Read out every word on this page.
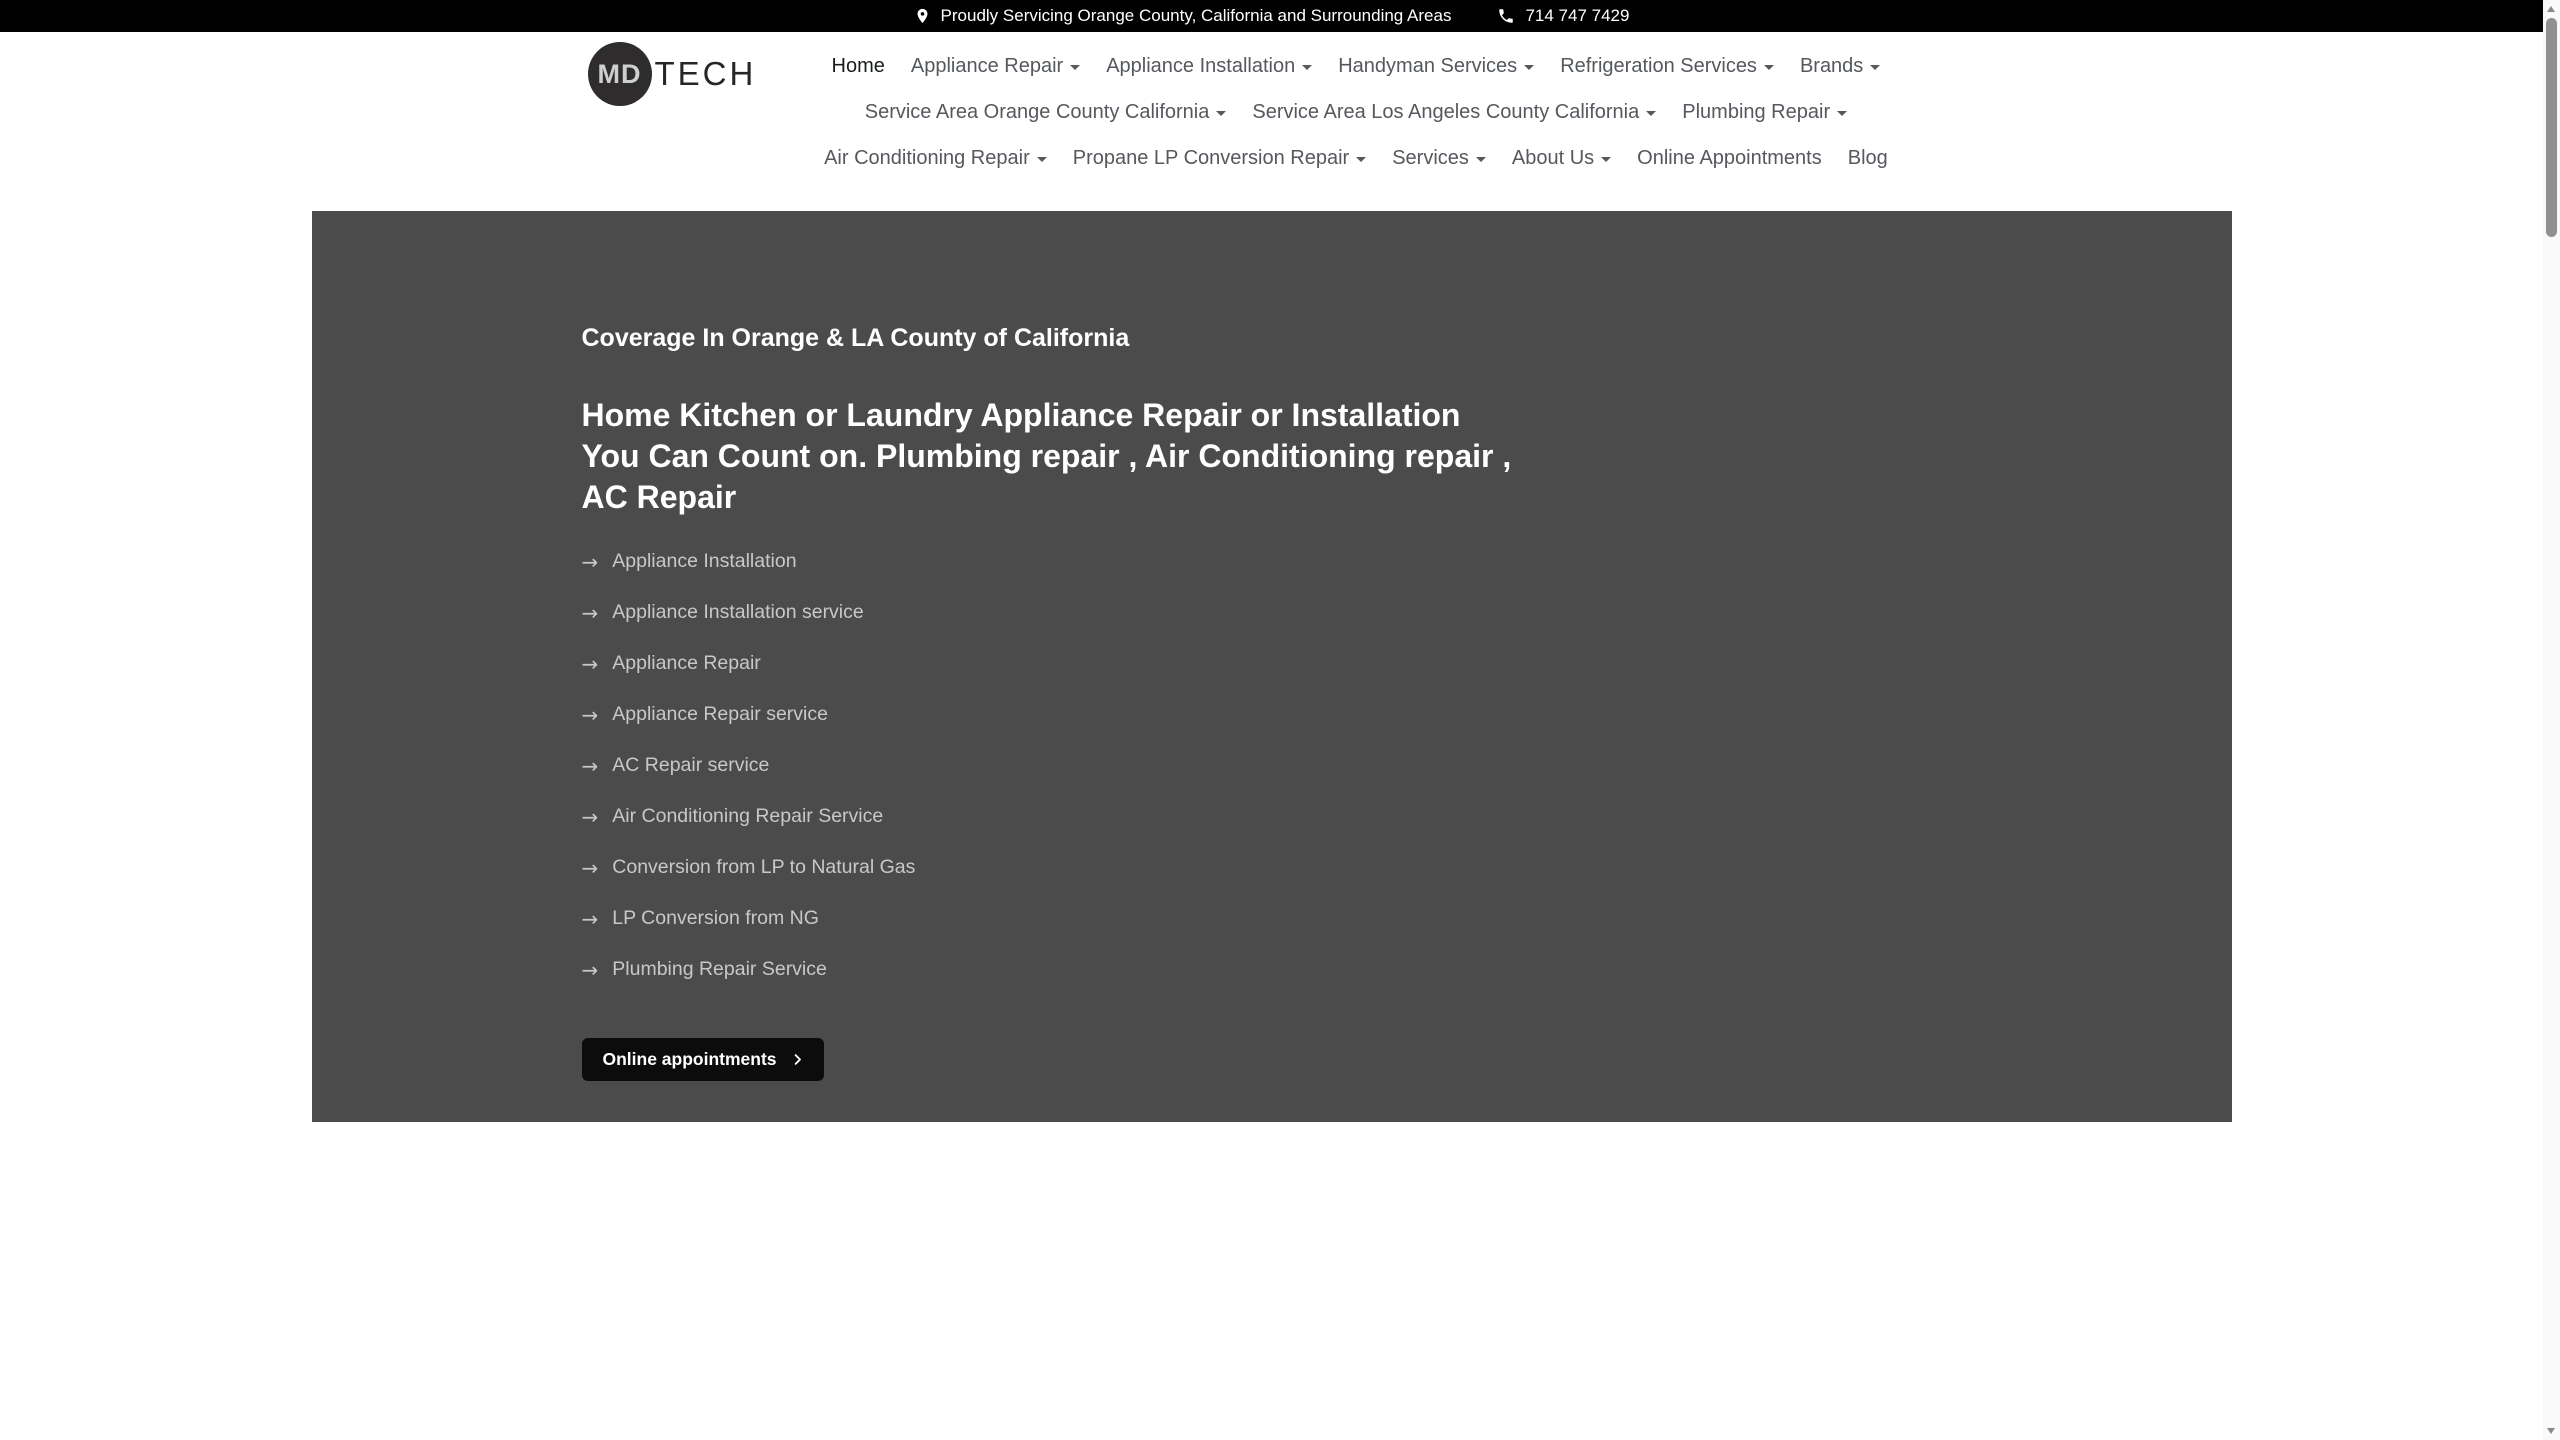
Proudly Servicing Orange County, California and Surrounding Areas	714 747 7429
MD TECH	Home	Appliance Repair Appliance Installation Handyman Services Refrigeration Services Brands
Service Area Orange County California Service Area Los Angeles County California Plumbing Repair
Air Conditioning Repair Propane LP Conversion Repair Services About Us	Online Appointments	Blog
Coverage In Orange & LA County of California
Home Kitchen or Laundry Appliance Repair or Installation You Can Count on. Plumbing repair , Air Conditioning repair , AC Repair
→ Appliance Installation
→ Appliance Installation service
→ Appliance Repair
→ Appliance Repair service
→ AC Repair service
→ Air Conditioning Repair Service
→ Conversion from LP to Natural Gas
→ LP Conversion from NG
→ Plumbing Repair Service
Online appointments
